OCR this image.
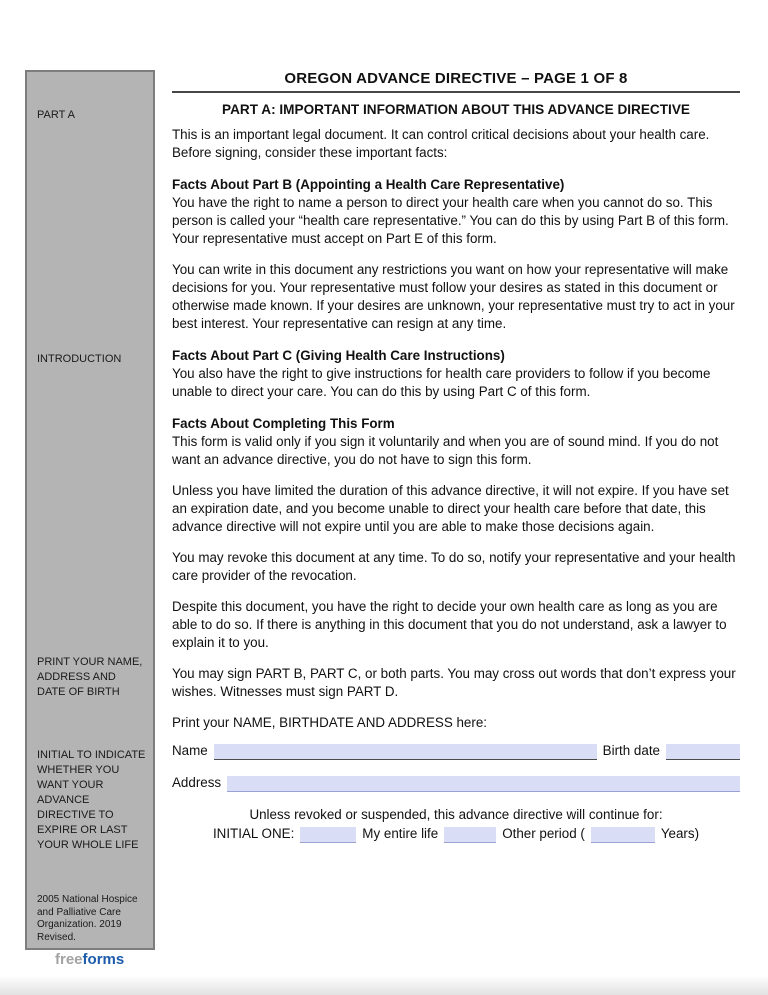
PART A
INTRODUCTION
PRINT YOUR NAME, ADDRESS AND DATE OF BIRTH
INITIAL TO INDICATE WHETHER YOU WANT YOUR ADVANCE DIRECTIVE TO EXPIRE OR LAST YOUR WHOLE LIFE
2005 National Hospice and Palliative Care Organization. 2019 Revised.
OREGON ADVANCE DIRECTIVE – PAGE 1 OF 8
PART A: IMPORTANT INFORMATION ABOUT THIS ADVANCE DIRECTIVE

This is an important legal document. It can control critical decisions about your health care. Before signing, consider these important facts:

Facts About Part B (Appointing a Health Care Representative)

You have the right to name a person to direct your health care when you cannot do so. This person is called your “health care representative.” You can do this by using Part B of this form. Your representative must accept on Part E of this form.

You can write in this document any restrictions you want on how your representative will make decisions for you. Your representative must follow your desires as stated in this document or otherwise made known. If your desires are unknown, your representative must try to act in your best interest. Your representative can resign at any time.

Facts About Part C (Giving Health Care Instructions)

You also have the right to give instructions for health care providers to follow if you become unable to direct your care. You can do this by using Part C of this form.

Facts About Completing This Form

This form is valid only if you sign it voluntarily and when you are of sound mind. If you do not want an advance directive, you do not have to sign this form.

Unless you have limited the duration of this advance directive, it will not expire. If you have set an expiration date, and you become unable to direct your health care before that date, this advance directive will not expire until you are able to make those decisions again.

You may revoke this document at any time. To do so, notify your representative and your health care provider of the revocation.

Despite this document, you have the right to decide your own health care as long as you are able to do so. If there is anything in this document that you do not understand, ask a lawyer to explain it to you.

You may sign PART B, PART C, or both parts. You may cross out words that don’t express your wishes. Witnesses must sign PART D.

Print your NAME, BIRTHDATE AND ADDRESS here:

Name	Birth date
Address
Unless revoked or suspended, this advance directive will continue for:
INITIAL ONE:	My entire life	Other period (	Years)
freeforms
